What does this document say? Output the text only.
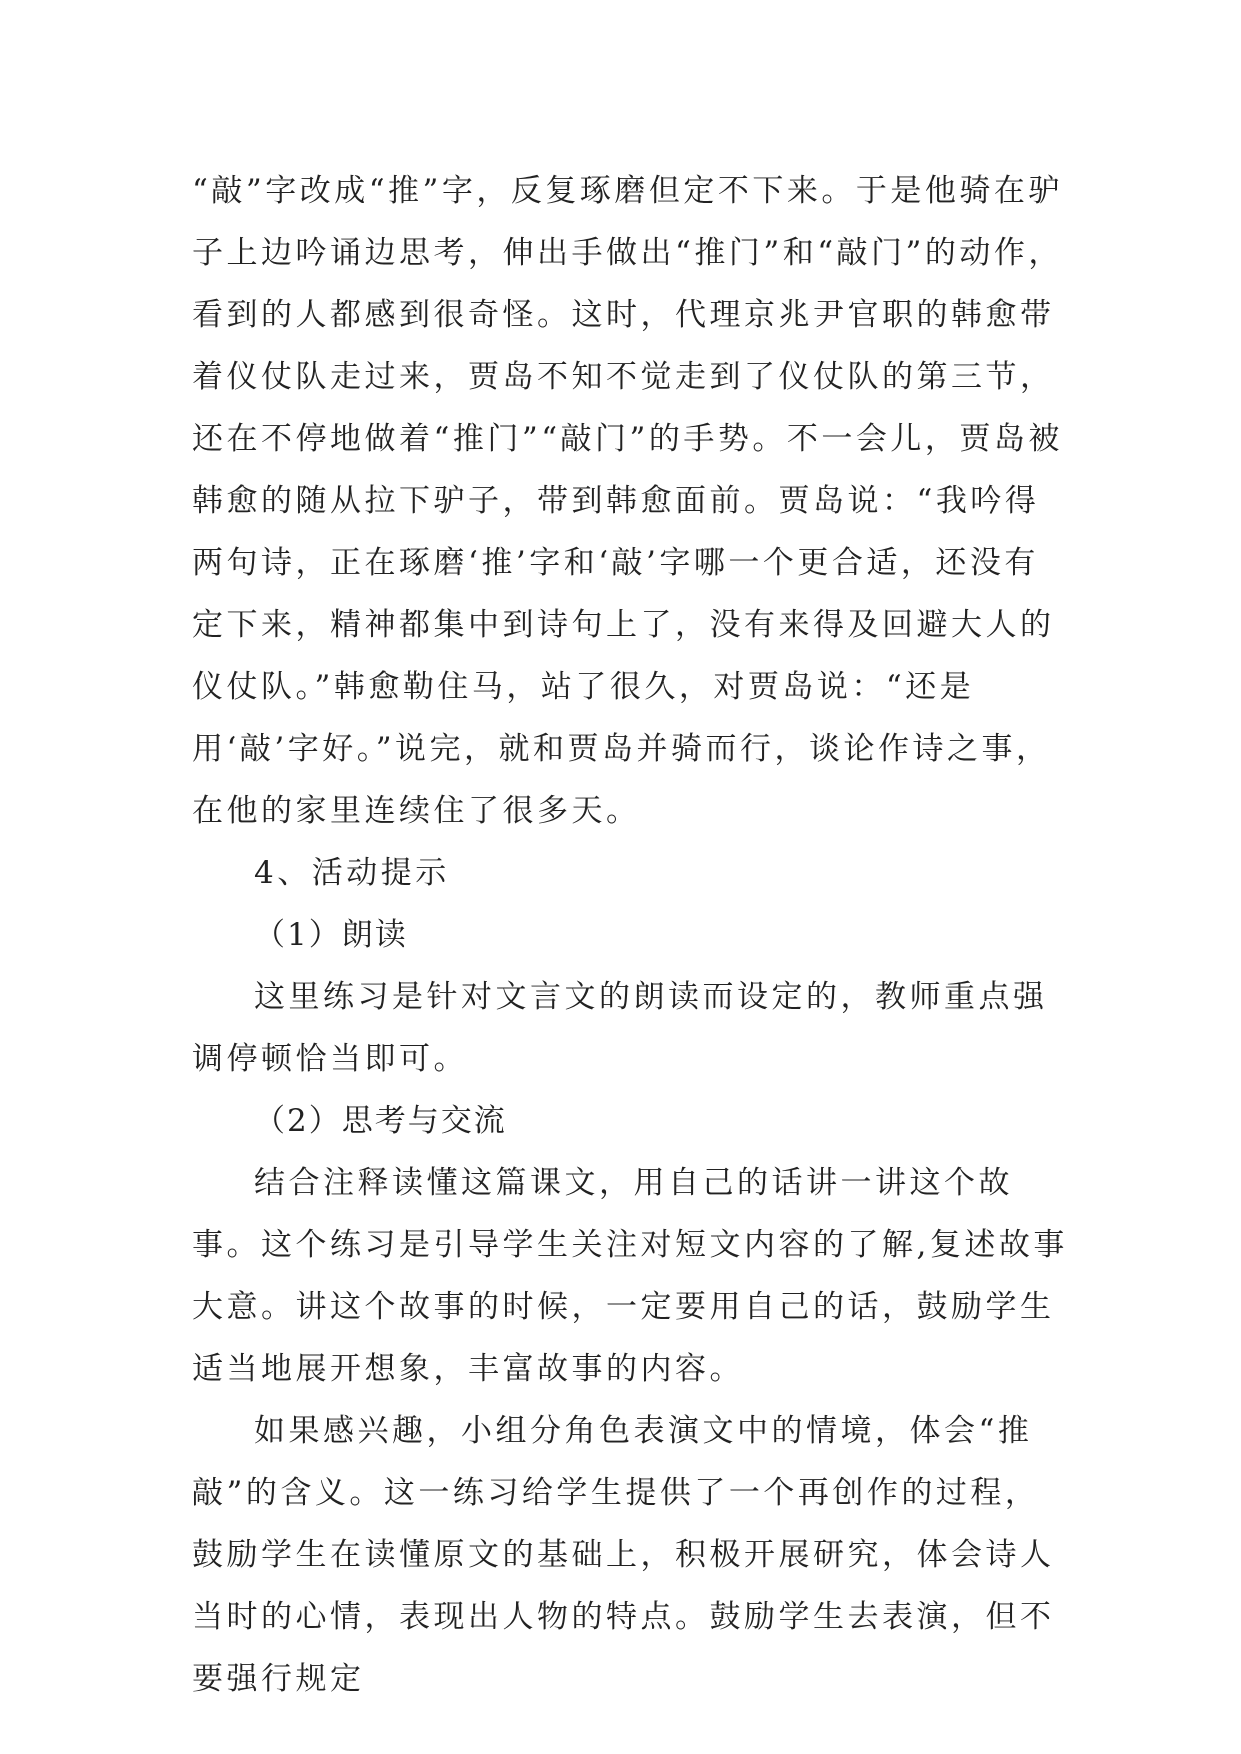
“敲”字改成“推”字，反复琢磨但定不下来。于是他骑在驴子上边吟诵边思考，伸出手做出“推门”和“敲门”的动作，看到的人都感到很奇怪。这时，代理京兆尹官职的韩愈带着仪仗队走过来，贾岛不知不觉走到了仪仗队的第三节，还在不停地做着“推门”“敲门”的手势。不一会儿，贾岛被韩愈的随从拉下驴子，带到韩愈面前。贾岛说：“我吟得两句诗，正在琢磨‘推’字和‘敲’字哪一个更合适，还没有定下来，精神都集中到诗句上了，没有来得及回避大人的仪仗队。”韩愈勒住马，站了很久，对贾岛说：“还是用‘敲’字好。”说完，就和贾岛并骑而行，谈论作诗之事，在他的家里连续住了很多天。

4、活动提示

（1）朗读

这里练习是针对文言文的朗读而设定的，教师重点强调停顿恰当即可。

（2）思考与交流

结合注释读懂这篇课文，用自己的话讲一讲这个故事。这个练习是引导学生关注对短文内容的了解,复述故事大意。讲这个故事的时候，一定要用自己的话，鼓励学生适当地展开想象，丰富故事的内容。

如果感兴趣，小组分角色表演文中的情境，体会“推敲”的含义。这一练习给学生提供了一个再创作的过程，鼓励学生在读懂原文的基础上，积极开展研究，体会诗人当时的心情，表现出人物的特点。鼓励学生去表演，但不要强行规定
